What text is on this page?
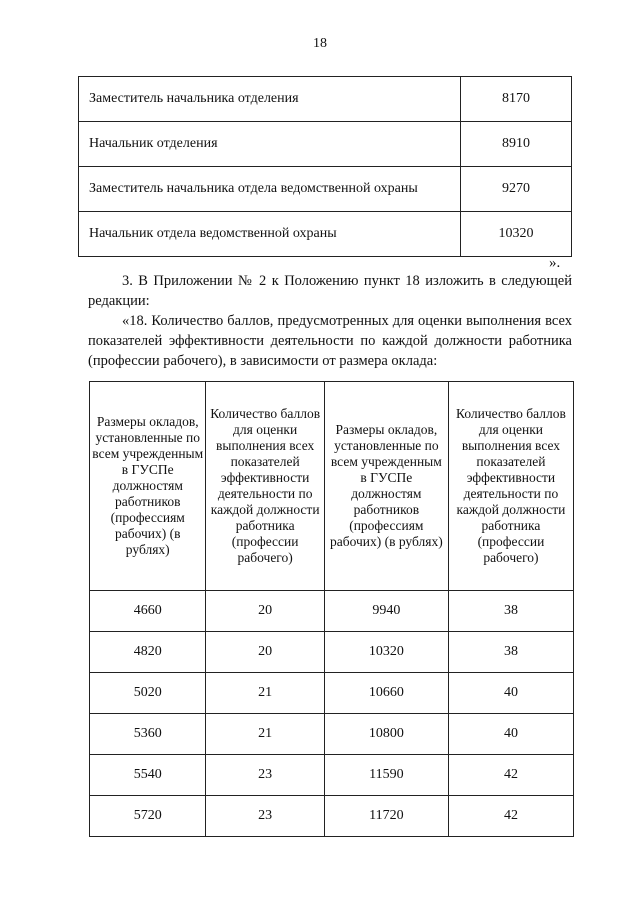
18
Заместитель начальника отделения	8170
Начальник отделения	8910
Заместитель начальника отдела ведомственной охраны	9270
Начальник отдела ведомственной охраны	10320
».
3. В Приложении № 2 к Положению пункт 18 изложить в следующей редакции:
«18. Количество баллов, предусмотренных для оценки выполнения всех показателей эффективности деятельности по каждой должности работника (профессии рабочего), в зависимости от размера оклада:
Размеры окладов, установленные по всем учрежденным в ГУСПе должностям работников (профессиям рабочих) (в рублях)	Количество баллов для оценки выполнения всех показателей эффективности деятельности по каждой должности работника (профессии рабочего)	Размеры окладов, установленные по всем учрежденным в ГУСПе должностям работников (профессиям рабочих) (в рублях)	Количество баллов для оценки выполнения всех показателей эффективности деятельности по каждой должности работника (профессии рабочего)
4660	20	9940	38
4820	20	10320	38
5020	21	10660	40
5360	21	10800	40
5540	23	11590	42
5720	23	11720	42
